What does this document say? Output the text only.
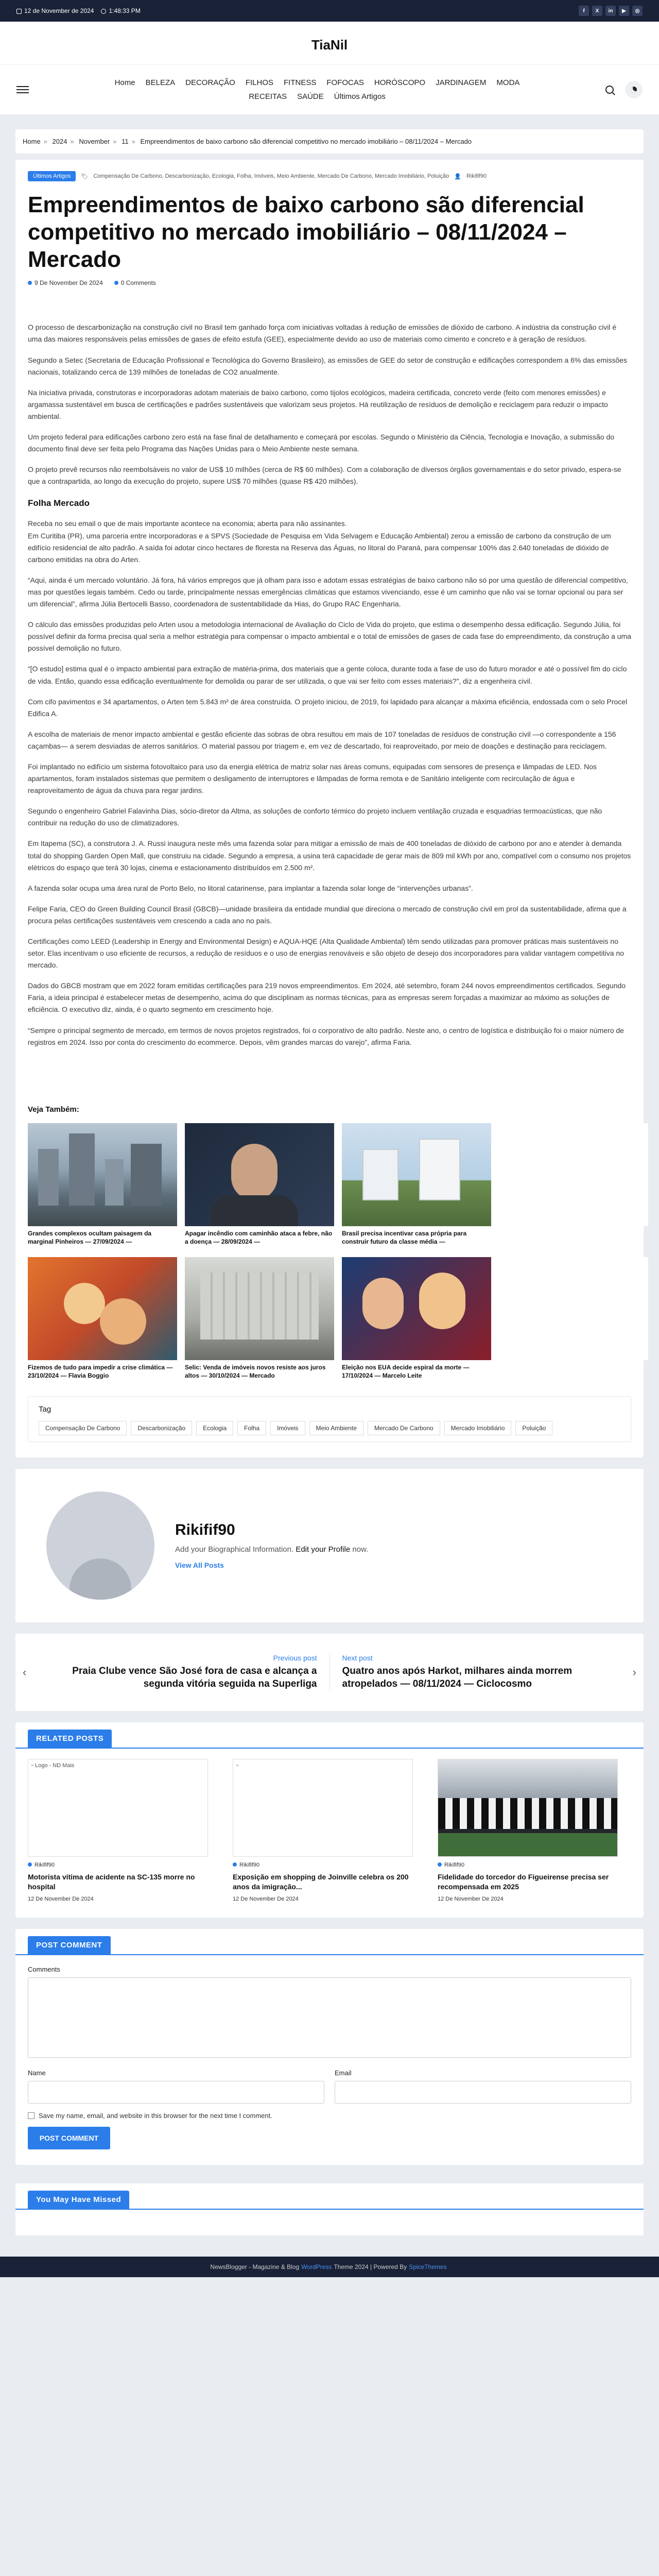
12 de November de 2024	1:48:33 PM	f	X	in	▶	◎
TiaNil
Home BELEZA DECORAÇÃO FILHOS FITNESS FOFOCAS HORÓSCOPO JARDINAGEM MODA
RECEITAS SAÚDE Últimos Artigos
Home » 2024 » November » 11 » Empreendimentos de baixo carbono são diferencial competitivo no mercado imobiliário – 08/11/2024 – Mercado
Últimos Artigos	🏷 Compensação De Carbono, Descarbonização, Ecologia, Folha, Imóveis, Meio Ambiente, Mercado De Carbono, Mercado Imobiliário, Poluição 👤 Rikifif90
Empreendimentos de baixo carbono são diferencial competitivo no mercado imobiliário – 08/11/2024 – Mercado
9 De November De 2024	0 Comments

O processo de descarbonização na construção civil no Brasil tem ganhado força com iniciativas voltadas à redução de emissões de dióxido de carbono. A indústria da construção civil é uma das maiores responsáveis pelas emissões de gases de efeito estufa (GEE), especialmente devido ao uso de materiais como cimento e concreto e à geração de resíduos.

Segundo a Setec (Secretaria de Educação Profissional e Tecnológica do Governo Brasileiro), as emissões de GEE do setor de construção e edificações correspondem a 6% das emissões nacionais, totalizando cerca de 139 milhões de toneladas de CO2 anualmente.

Na iniciativa privada, construtoras e incorporadoras adotam materiais de baixo carbono, como tijolos ecológicos, madeira certificada, concreto verde (feito com menores emissões) e argamassa sustentável em busca de certificações e padrões sustentáveis que valorizam seus projetos. Há reutilização de resíduos de demolição e reciclagem para reduzir o impacto ambiental.

Um projeto federal para edificações carbono zero está na fase final de detalhamento e começará por escolas. Segundo o Ministério da Ciência, Tecnologia e Inovação, a submissão do documento final deve ser feita pelo Programa das Nações Unidas para o Meio Ambiente neste semana.

O projeto prevê recursos não reembolsáveis no valor de US$ 10 milhões (cerca de R$ 60 milhões). Com a colaboração de diversos órgãos governamentais e do setor privado, espera-se que a contrapartida, ao longo da execução do projeto, supere US$ 70 milhões (quase R$ 420 milhões).

Folha Mercado

Receba no seu email o que de mais importante acontece na economia; aberta para não assinantes.

Em Curitiba (PR), uma parceria entre incorporadoras e a SPVS (Sociedade de Pesquisa em Vida Selvagem e Educação Ambiental) zerou a emissão de carbono da construção de um edifício residencial de alto padrão. A saída foi adotar cinco hectares de floresta na Reserva das Águas, no litoral do Paraná, para compensar 100% das 2.640 toneladas de dióxido de carbono emitidas na obra do Arten.

“Aqui, ainda é um mercado voluntário. Já fora, há vários empregos que já olham para isso e adotam essas estratégias de baixo carbono não só por uma questão de diferencial competitivo, mas por questões legais também. Cedo ou tarde, principalmente nessas emergências climáticas que estamos vivenciando, esse é um caminho que não vai se tornar opcional ou para ser um diferencial”, afirma Júlia Bertocelli Basso, coordenadora de sustentabilidade da Hias, do Grupo RAC Engenharia.

O cálculo das emissões produzidas pelo Arten usou a metodologia internacional de Avaliação do Ciclo de Vida do projeto, que estima o desempenho dessa edificação. Segundo Júlia, foi possível definir da forma precisa qual seria a melhor estratégia para compensar o impacto ambiental e o total de emissões de gases de cada fase do empreendimento, da construção a uma possível demolição no futuro.

“[O estudo] estima qual é o impacto ambiental para extração de matéria-prima, dos materiais que a gente coloca, durante toda a fase de uso do futuro morador e até o possível fim do ciclo de vida. Então, quando essa edificação eventualmente for demolida ou parar de ser utilizada, o que vai ser feito com esses materiais?”, diz a engenheira civil.

Com cifo pavimentos e 34 apartamentos, o Arten tem 5.843 m² de área construída. O projeto iniciou, de 2019, foi lapidado para alcançar a máxima eficiência, endossada com o selo Procel Edifica A.

A escolha de materiais de menor impacto ambiental e gestão eficiente das sobras de obra resultou em mais de 107 toneladas de resíduos de construção civil —o correspondente a 156 caçambas— a serem desviadas de aterros sanitários. O material passou por triagem e, em vez de descartado, foi reaproveitado, por meio de doações e destinação para reciclagem.

Foi implantado no edifício um sistema fotovoltaico para uso da energia elétrica de matriz solar nas áreas comuns, equipadas com sensores de presença e lâmpadas de LED. Nos apartamentos, foram instalados sistemas que permitem o desligamento de interruptores e lâmpadas de forma remota e de Sanitário inteligente com recirculação de água e reaproveitamento de água da chuva para regar jardins.

Segundo o engenheiro Gabriel Falavinha Dias, sócio-diretor da Altma, as soluções de conforto térmico do projeto incluem ventilação cruzada e esquadrias termoacústicas, que não contribuir na redução do uso de climatizadores.

Em Itapema (SC), a construtora J. A. Russi inaugura neste mês uma fazenda solar para mitigar a emissão de mais de 400 toneladas de dióxido de carbono por ano e atender à demanda total do shopping Garden Open Mall, que construiu na cidade. Segundo a empresa, a usina terá capacidade de gerar mais de 809 mil kWh por ano, compatível com o consumo nos projetos elétricos do espaço que terá 30 lojas, cinema e estacionamento distribuídos em 2.500 m².

A fazenda solar ocupa uma área rural de Porto Belo, no litoral catarinense, para implantar a fazenda solar longe de “intervenções urbanas”.

Felipe Faria, CEO do Green Building Council Brasil (GBCB)—unidade brasileira da entidade mundial que direciona o mercado de construção civil em prol da sustentabilidade, afirma que a procura pelas certificações sustentáveis vem crescendo a cada ano no país.

Certificações como LEED (Leadership in Energy and Environmental Design) e AQUA-HQE (Alta Qualidade Ambiental) têm sendo utilizadas para promover práticas mais sustentáveis no setor. Elas incentivam o uso eficiente de recursos, a redução de resíduos e o uso de energias renováveis e são objeto de desejo dos incorporadores para validar vantagem competitiva no mercado.

Dados do GBCB mostram que em 2022 foram emitidas certificações para 219 novos empreendimentos. Em 2024, até setembro, foram 244 novos empreendimentos certificados. Segundo Faria, a ideia principal é estabelecer metas de desempenho, acima do que disciplinam as normas técnicas, para as empresas serem forçadas a maximizar ao máximo as soluções de eficiência. O executivo diz, ainda, é o quarto segmento em crescimento hoje.

“Sempre o principal segmento de mercado, em termos de novos projetos registrados, foi o corporativo de alto padrão. Neste ano, o centro de logística e distribuição foi o maior número de registros em 2024. Isso por conta do crescimento do ecommerce. Depois, vêm grandes marcas do varejo”, afirma Faria.

Veja Também:
Grandes complexos ocultam paisagem da marginal Pinheiros — 27/09/2024 —
Apagar incêndio com caminhão ataca a febre, não a doença — 28/09/2024 —
Brasil precisa incentivar casa própria para construir futuro da classe média —
Fizemos de tudo para impedir a crise climática — 23/10/2024 — Flavia Boggio
Selic: Venda de imóveis novos resiste aos juros altos — 30/10/2024 — Mercado
Eleição nos EUA decide espiral da morte — 17/10/2024 — Marcelo Leite
Tag
Compensação De Carbono	Descarbonização	Ecologia	Folha	Imóveis	Meio Ambiente	Mercado De Carbono	Mercado Imobiliário	Poluição
Rikifif90
Add your Biographical Information. Edit your Profile now.
View All Posts
‹
Previous post
Praia Clube vence São José fora de casa e alcança a segunda vitória seguida na Superliga
Next post
Quatro anos após Harkot, milhares ainda morrem atropelados — 08/11/2024 — Ciclocosmo
›
RELATED POSTS
▫ Logo - ND Mais
Rikifif90
Motorista vítima de acidente na SC-135 morre no hospital
12 De November De 2024
▫
Rikifif90
Exposição em shopping de Joinville celebra os 200 anos da imigração...
12 De November De 2024
Rikifif90
Fidelidade do torcedor do Figueirense precisa ser recompensada em 2025
12 De November De 2024
POST COMMENT
Comments
Name	Email
Save my name, email, and website in this browser for the next time I comment.
POST COMMENT
You May Have Missed
NewsBlogger - Magazine & Blog WordPress Theme 2024 | Powered By SpiceThemes
